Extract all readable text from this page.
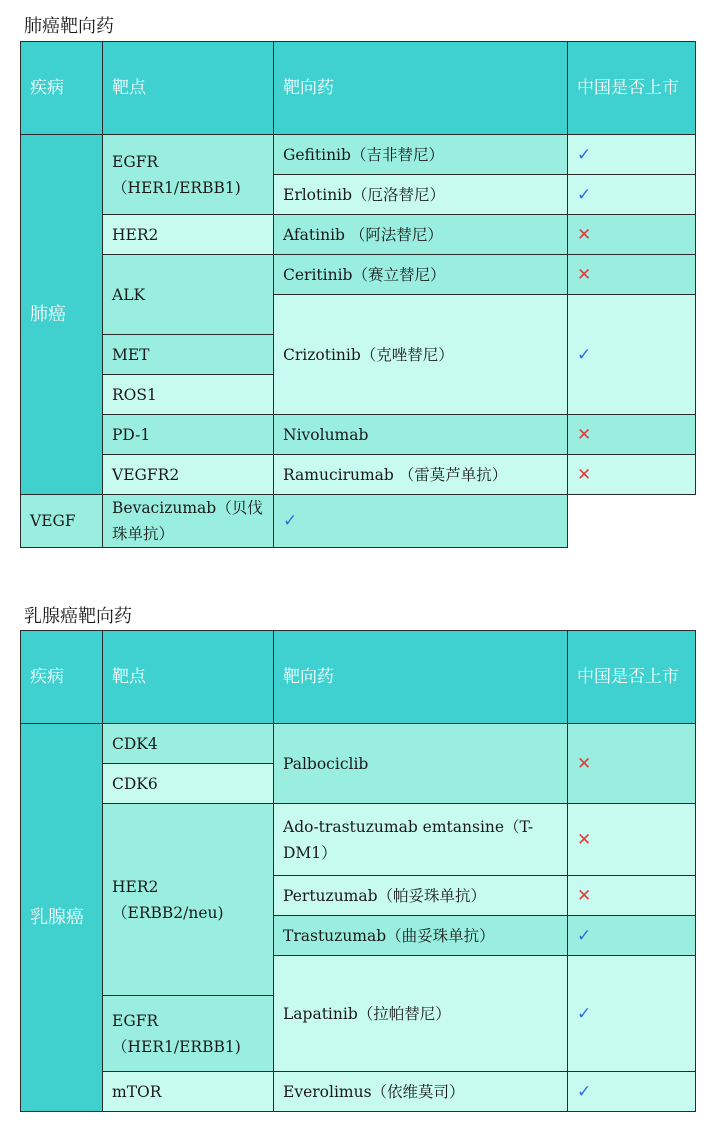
肺癌靶向药
疾病	靶点	靶向药	中国是否上市
肺癌	EGFR（HER1/ERBB1)	Gefitinib（吉非替尼）	✓
		Erlotinib（厄洛替尼）	✓
	HER2	Afatinib （阿法替尼）	✕
	ALK	Ceritinib（赛立替尼）	✕
		Crizotinib（克唑替尼）	✓
	MET		
	ROS1		
	PD-1	Nivolumab	✕
	VEGFR2	Ramucirumab （雷莫芦单抗）	✕
VEGF	Bevacizumab（贝伐珠单抗）	✓	
乳腺癌靶向药
疾病	靶点	靶向药	中国是否上市
乳腺癌	CDK4	Palbociclib	✕
	CDK6		
	HER2（ERBB2/neu)	Ado-trastuzumab emtansine（T-DM1）	✕
		Pertuzumab（帕妥珠单抗）	✕
		Trastuzumab（曲妥珠单抗）	✓
		Lapatinib（拉帕替尼）	✓
	EGFR（HER1/ERBB1)		
	mTOR	Everolimus（依维莫司）	✓
